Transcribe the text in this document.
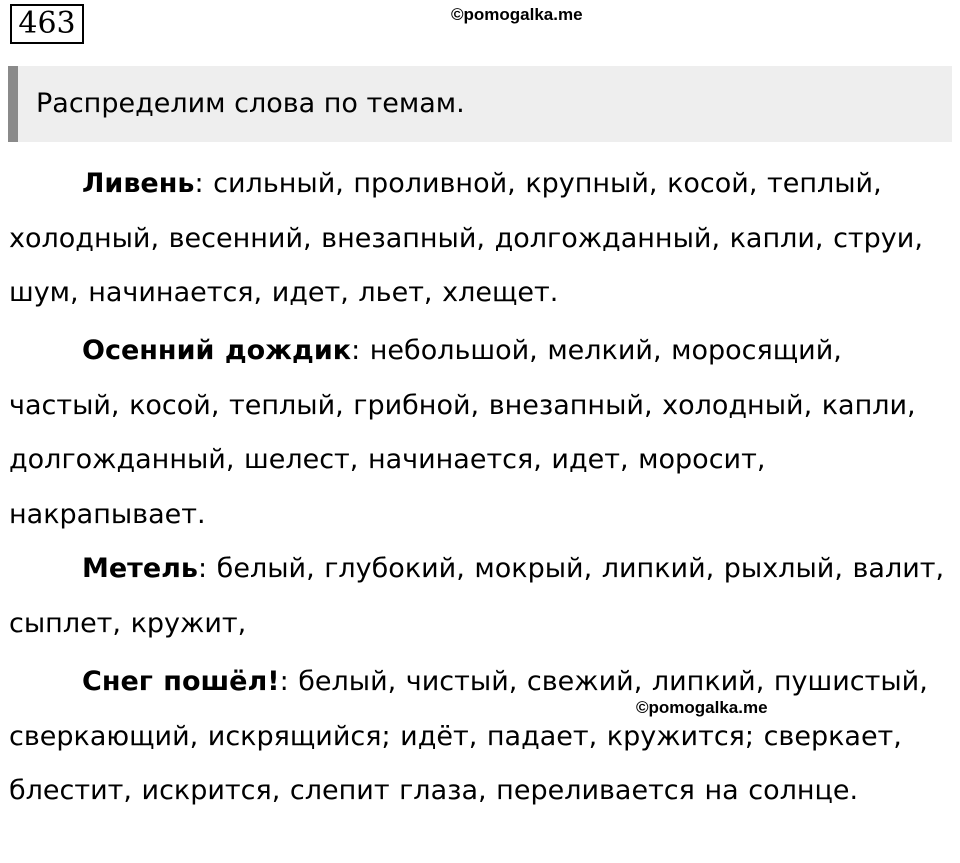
463	©pomogalka.me
Распределим слова по темам.

Ливень: сильный, проливной, крупный, косой, теплый, холодный, весенний, внезапный, долгожданный, капли, струи, шум, начинается, идет, льет, хлещет.

Осенний дождик: небольшой, мелкий, моросящий, частый, косой, теплый, грибной, внезапный, холодный, капли, долгожданный, шелест, начинается, идет, моросит, накрапывает.

Метель: белый, глубокий, мокрый, липкий, рыхлый, валит, сыплет, кружит,

Снег пошёл!: белый, чистый, свежий, липкий, пушистый, сверкающий, искрящийся; идёт, падает, кружится; сверкает, блестит, искрится, слепит глаза, переливается на солнце.

©pomogalka.me
